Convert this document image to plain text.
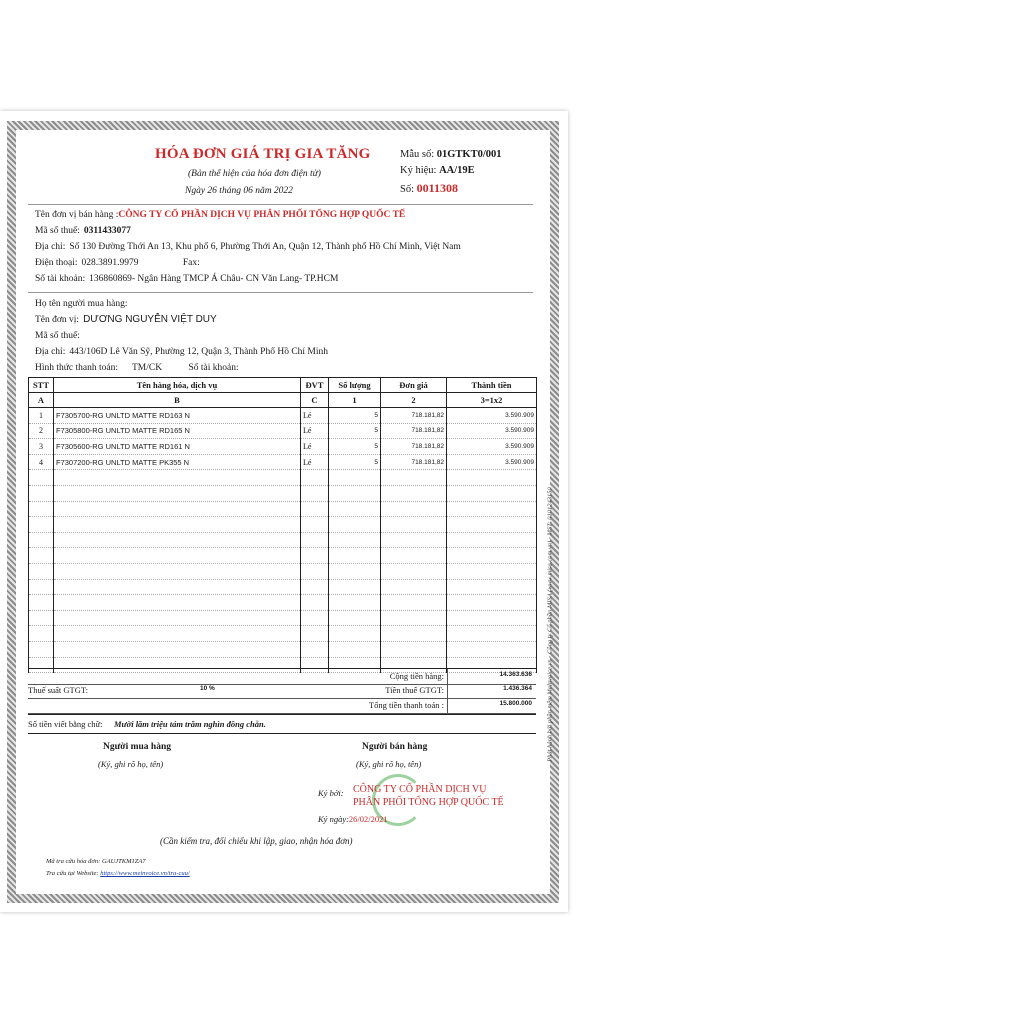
HÓA ĐƠN GIÁ TRỊ GIA TĂNG
(Bản thể hiện của hóa đơn điện tử)
Ngày 26 tháng 06 năm 2022
Mẫu số: 01GTKT0/001
Ký hiệu: AA/19E
Số: 0011308
Tên đơn vị bán hàng :CÔNG TY CỔ PHẦN DỊCH VỤ PHÂN PHỐI TỔNG HỢP QUỐC TẾ
Mã số thuế: 0311433077
Địa chỉ: Số 130 Đường Thới An 13, Khu phố 6, Phường Thới An, Quận 12, Thành phố Hồ Chí Minh, Việt Nam
Điện thoại: 028.3891.9979	Fax:
Số tài khoản: 136860869- Ngân Hàng TMCP Á Châu- CN Văn Lang- TP.HCM
Họ tên người mua hàng:
Tên đơn vị: DƯƠNG NGUYỄN VIỆT DUY
Mã số thuế:
Địa chỉ: 443/106D Lê Văn Sỹ, Phường 12, Quận 3, Thành Phố Hồ Chí Minh
Hình thức thanh toán: TM/CK	Số tài khoản:
STT	Tên hàng hóa, dịch vụ	ĐVT	Số lượng	Đơn giá	Thành tiền
A	B	C	1	2	3=1x2
1	F7305700-RG UNLTD MATTE RD163 N	Lé	5	718.181,82	3.590.909
2	F7305800-RG UNLTD MATTE RD165 N	Lé	5	718.181,82	3.590.909
3	F7305600-RG UNLTD MATTE RD161 N	Lé	5	718.181,82	3.590.909
4	F7307200-RG UNLTD MATTE PK355 N	Lé	5	718.181,82	3.590.909

Cộng tiền hàng:	14.363.636
Thuế suất GTGT:	10 %	Tiền thuế GTGT:	1.436.364
Tổng tiền thanh toán :	15.800.000
Số tiền viết bằng chữ: Mười lăm triệu tám trăm nghìn đồng chẵn.
Người mua hàng
(Ký, ghi rõ họ, tên)
Người bán hàng
(Ký, ghi rõ họ, tên)
Ký bởi: CÔNG TY CỔ PHẦN DỊCH VỤ
PHÂN PHỐI TỔNG HỢP QUỐC TẾ
Ký ngày:26/02/2021
(Cần kiểm tra, đối chiếu khi lập, giao, nhận hóa đơn)
Mã tra cứu hóa đơn: GAUJTKM1ZA7
Tra cứu tại Website: https://www.meinvoice.vn/tra-cuu/
Phát hành bởi phần mềm MeInvoice.vn - Công ty Cổ phần MISA (www.misa.com.vn) - MST: 0101243150
